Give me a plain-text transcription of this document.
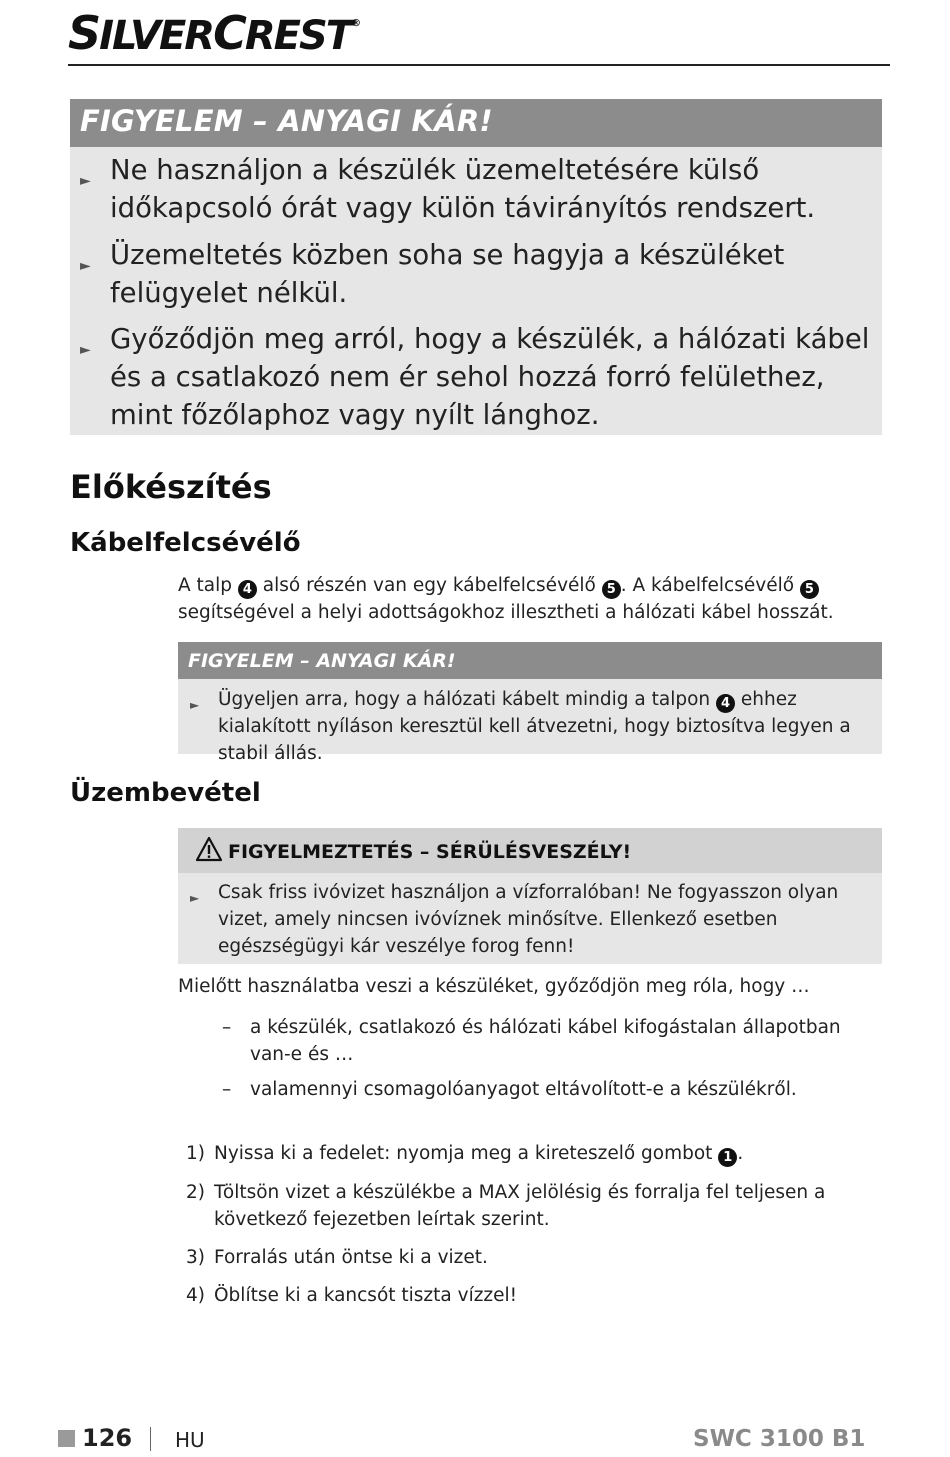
SILVERCREST®
FIGYELEM – ANYAGI KÁR!
► Ne használjon a készülék üzemeltetésére külső időkapcsoló órát vagy külön távirányítós rendszert.
► Üzemeltetés közben soha se hagyja a készüléket felügyelet nélkül.
► Győződjön meg arról, hogy a készülék, a hálózati kábel és a csatlakozó nem ér sehol hozzá forró felülethez, mint főzőlaphoz vagy nyílt lánghoz.
Előkészítés
Kábelfelcsévélő
A talp 4 alsó részén van egy kábelfelcsévélő 5 . A kábelfelcsévélő 5 segítségével a helyi adottságokhoz illesztheti a hálózati kábel hosszát.
FIGYELEM – ANYAGI KÁR!
► Ügyeljen arra, hogy a hálózati kábelt mindig a talpon 4 ehhez kialakított nyíláson keresztül kell átvezetni, hogy biztosítva legyen a stabil állás.
Üzembevétel
FIGYELMEZTETÉS – SÉRÜLÉSVESZÉLY!
► Csak friss ivóvizet használjon a vízforralóban! Ne fogyasszon olyan vizet, amely nincsen ivóvíznek minősítve. Ellenkező esetben egészségügyi kár veszélye forog fenn!
Mielőtt használatba veszi a készüléket, győződjön meg róla, hogy …
– a készülék, csatlakozó és hálózati kábel kifogástalan állapotban van-e és …
– valamennyi csomagolóanyagot eltávolított-e a készülékről.
1) Nyissa ki a fedelet: nyomja meg a kireteszelő gombot 1 .
2) Töltsön vizet a készülékbe a MAX jelölésig és forralja fel teljesen a következő fejezetben leírtak szerint.
3) Forralás után öntse ki a vizet.
4) Öblítse ki a kancsót tiszta vízzel!
126 HU	SWC 3100 B1
